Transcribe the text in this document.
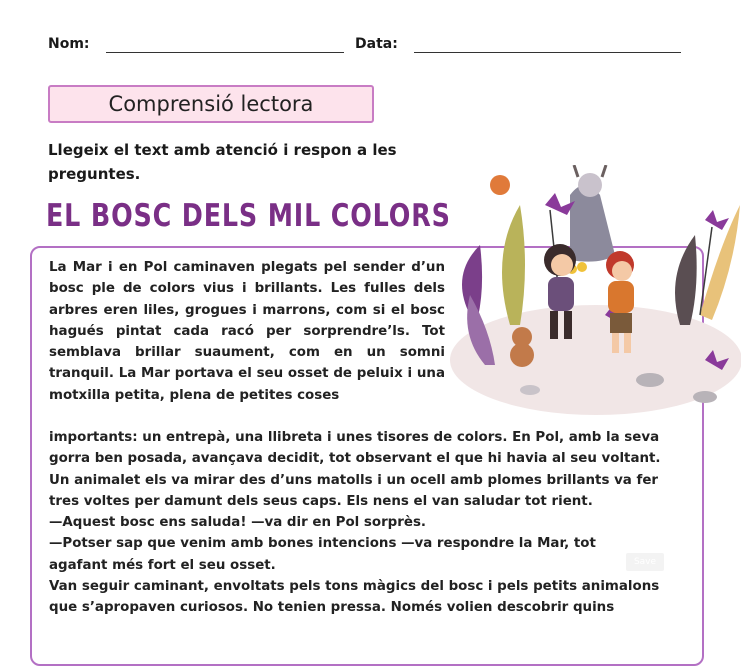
Nom:	Data:
Comprensió lectora
Llegeix el text amb atenció i respon a les preguntes.
EL BOSC DELS MIL COLORS
La Mar i en Pol caminaven plegats pel sender d’un bosc ple de colors vius i brillants. Les fulles dels arbres eren liles, grogues i marrons, com si el bosc hagués pintat cada racó per sorprendre’ls. Tot semblava brillar suaument, com en un somni tranquil. La Mar portava el seu osset de peluix i una motxilla petita, plena de petites coses
importants: un entrepà, una llibreta i unes tisores de colors. En Pol, amb la seva
gorra ben posada, avançava decidit, tot observant el que hi havia al seu voltant.
Un animalet els va mirar des d’uns matolls i un ocell amb plomes brillants va fer
tres voltes per damunt dels seus caps. Els nens el van saludar tot rient.
—Aquest bosc ens saluda! —va dir en Pol sorprès.
—Potser sap que venim amb bones intencions —va respondre la Mar, tot
agafant més fort el seu osset.
Van seguir caminant, envoltats pels tons màgics del bosc i pels petits animalons
que s’apropaven curiosos. No tenien pressa. Només volien descobrir quins
Save
